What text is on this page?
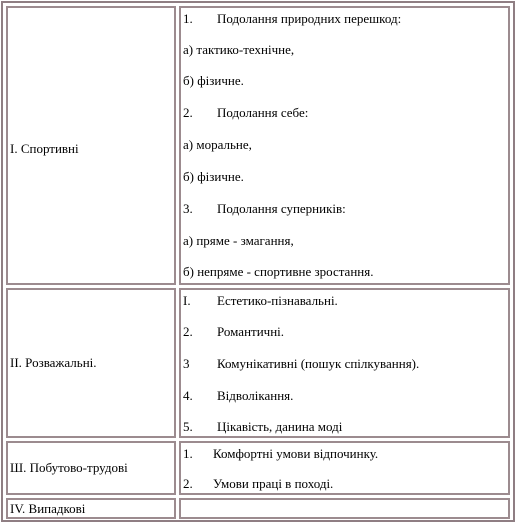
I. Спортивні
1. Подолання природних перешкод:
а) тактико-технічне,
б) фізичне.
2. Подолання себе:
а) моральне,
б) фізичне.
3. Подолання суперників:
а) пряме - змагання,
б) непряме - спортивне зростання.
II. Розважальні.
I. Естетико-пізнавальні.
2. Романтичні.
3 Комунікативні (пошук спілкування).
4. Відволікання.
5. Цікавість, данина моді
Ш. Побутово-трудові
1. Комфортні умови відпочинку.
2. Умови праці в поході.
IV. Випадкові
